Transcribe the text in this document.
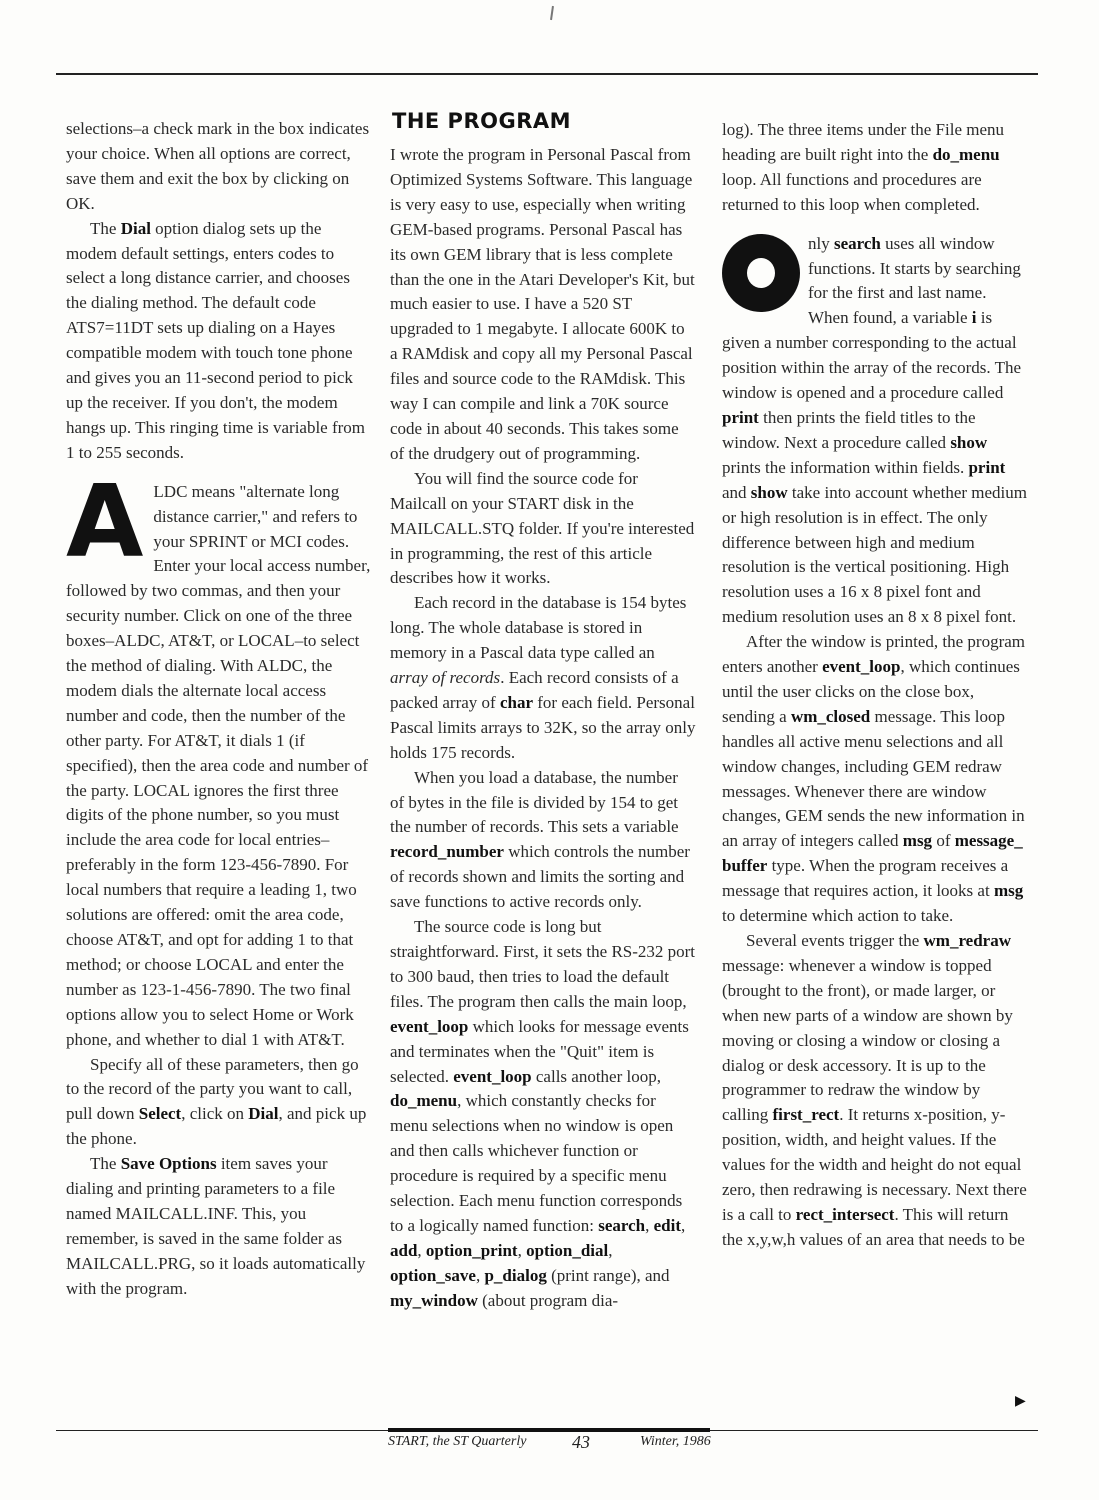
THE PROGRAM

selections–a check mark in the box indicates your choice. When all options are correct, save them and exit the box by clicking on OK.

The Dial option dialog sets up the modem default settings, enters codes to select a long distance carrier, and chooses the dialing method. The default code ATS7=11DT sets up dialing on a Hayes compatible modem with touch tone phone and gives you an 11-second period to pick up the receiver. If you don't, the modem hangs up. This ringing time is variable from 1 to 255 seconds.

ALDC means "alternate long distance carrier," and refers to your SPRINT or MCI codes. Enter your local access number, followed by two commas, and then your security number. Click on one of the three boxes–ALDC, AT&T, or LOCAL–to select the method of dialing. With ALDC, the modem dials the alternate local access number and code, then the number of the other party. For AT&T, it dials 1 (if specified), then the area code and number of the party. LOCAL ignores the first three digits of the phone number, so you must include the area code for local entries–preferably in the form 123-456-7890. For local numbers that require a leading 1, two solutions are offered: omit the area code, choose AT&T, and opt for adding 1 to that method; or choose LOCAL and enter the number as 123-1-456-7890. The two final options allow you to select Home or Work phone, and whether to dial 1 with AT&T.

Specify all of these parameters, then go to the record of the party you want to call, pull down Select, click on Dial, and pick up the phone.

The Save Options item saves your dialing and printing parameters to a file named MAILCALL.INF. This, you remember, is saved in the same folder as MAILCALL.PRG, so it loads automatically with the program.

I wrote the program in Personal Pascal from Optimized Systems Software. This language is very easy to use, especially when writing GEM-based programs. Personal Pascal has its own GEM library that is less complete than the one in the Atari Developer's Kit, but much easier to use. I have a 520 ST upgraded to 1 megabyte. I allocate 600K to a RAMdisk and copy all my Personal Pascal files and source code to the RAMdisk. This way I can compile and link a 70K source code in about 40 seconds. This takes some of the drudgery out of programming.

You will find the source code for Mailcall on your START disk in the MAILCALL.STQ folder. If you're interested in programming, the rest of this article describes how it works.

Each record in the database is 154 bytes long. The whole database is stored in memory in a Pascal data type called an array of records. Each record consists of a packed array of char for each field. Personal Pascal limits arrays to 32K, so the array only holds 175 records.

When you load a database, the number of bytes in the file is divided by 154 to get the number of records. This sets a variable record_number which controls the number of records shown and limits the sorting and save functions to active records only.

The source code is long but straightforward. First, it sets the RS-232 port to 300 baud, then tries to load the default files. The program then calls the main loop, event_loop which looks for message events and terminates when the "Quit" item is selected. event_loop calls another loop, do_menu, which constantly checks for menu selections when no window is open and then calls whichever function or procedure is required by a specific menu selection. Each menu function corresponds to a logically named function: search, edit, add, option_print, option_dial, option_save, p_dialog (print range), and my_window (about program dia-

log). The three items under the File menu heading are built right into the do_menu loop. All functions and procedures are returned to this loop when completed.

nly search uses all window functions. It starts by searching for the first and last name. When found, a variable i is given a number corresponding to the actual position within the array of the records. The window is opened and a procedure called print then prints the field titles to the window. Next a procedure called show prints the information within fields. print and show take into account whether medium or high resolution is in effect. The only difference between high and medium resolution is the vertical positioning. High resolution uses a 16 x 8 pixel font and medium resolution uses an 8 x 8 pixel font.

After the window is printed, the program enters another event_loop, which continues until the user clicks on the close box, sending a wm_closed message. This loop handles all active menu selections and all window changes, including GEM redraw messages. Whenever there are window changes, GEM sends the new information in an array of integers called msg of message_ buffer type. When the program receives a message that requires action, it looks at msg to determine which action to take.

Several events trigger the wm_redraw message: whenever a window is topped (brought to the front), or made larger, or when new parts of a window are shown by moving or closing a window or closing a dialog or desk accessory. It is up to the programmer to redraw the window by calling first_rect. It returns x-position, y-position, width, and height values. If the values for the width and height do not equal zero, then redrawing is necessary. Next there is a call to rect_intersect. This will return the x,y,w,h values of an area that needs to be

▶
START, the ST Quarterly	43	Winter, 1986
